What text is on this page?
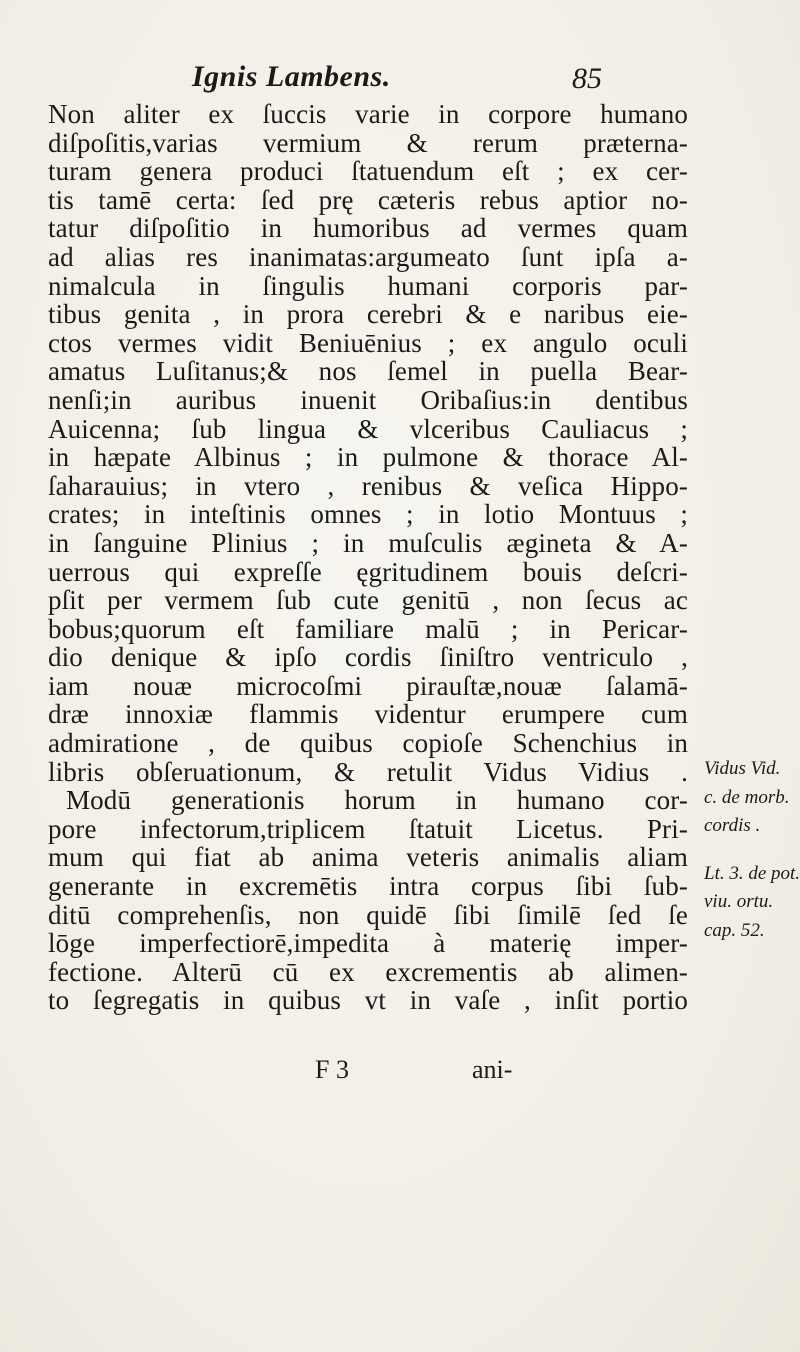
Ignis Lambens.	85
Non aliter ex ſuccis varie in corpore humano
diſpoſitis,varias vermium & rerum præterna-
turam genera produci ſtatuendum eſt ; ex cer-
tis tamē certa: ſed prę cæteris rebus aptior no-
tatur diſpoſitio in humoribus ad vermes quam
ad alias res inanimatas:argumeato ſunt ipſa a-
nimalcula in ſingulis humani corporis par-
tibus genita , in prora cerebri & e naribus eie-
ctos vermes vidit Beniuēnius ; ex angulo oculi
amatus Luſitanus;& nos ſemel in puella Bear-
nenſi;in auribus inuenit Oribaſius:in dentibus
Auicenna; ſub lingua & vlceribus Cauliacus ;
in hæpate Albinus ; in pulmone & thorace Al-
ſaharauius; in vtero , renibus & veſica Hippo-
crates; in inteſtinis omnes ; in lotio Montuus ;
in ſanguine Plinius ; in muſculis ægineta & A-
uerrous qui expreſſe ęgritudinem bouis deſcri-
pſit per vermem ſub cute genitū , non ſecus ac
bobus;quorum eſt familiare malū ; in Pericar-
dio denique & ipſo cordis ſiniſtro ventriculo ,
iam nouæ microcoſmi pirauſtæ,nouæ ſalamā-
dræ innoxiæ flammis videntur erumpere cum
admiratione , de quibus copioſe Schenchius in
libris obſeruationum, & retulit Vidus Vidius .
Modū generationis horum in humano cor-
pore infectorum,triplicem ſtatuit Licetus. Pri-
mum qui fiat ab anima veteris animalis aliam
generante in excremētis intra corpus ſibi ſub-
ditū comprehenſis, non quidē ſibi ſimilē ſed ſe
lōge imperfectiorē,impedita à materię imper-
fectione. Alterū cū ex excrementis ab alimen-
to ſegregatis in quibus vt in vaſe , inſit portio
F 3	ani-
Vidus Vid.
c. de morb.
cordis .
Lt. 3. de pot.
viu. ortu.
cap. 52.
